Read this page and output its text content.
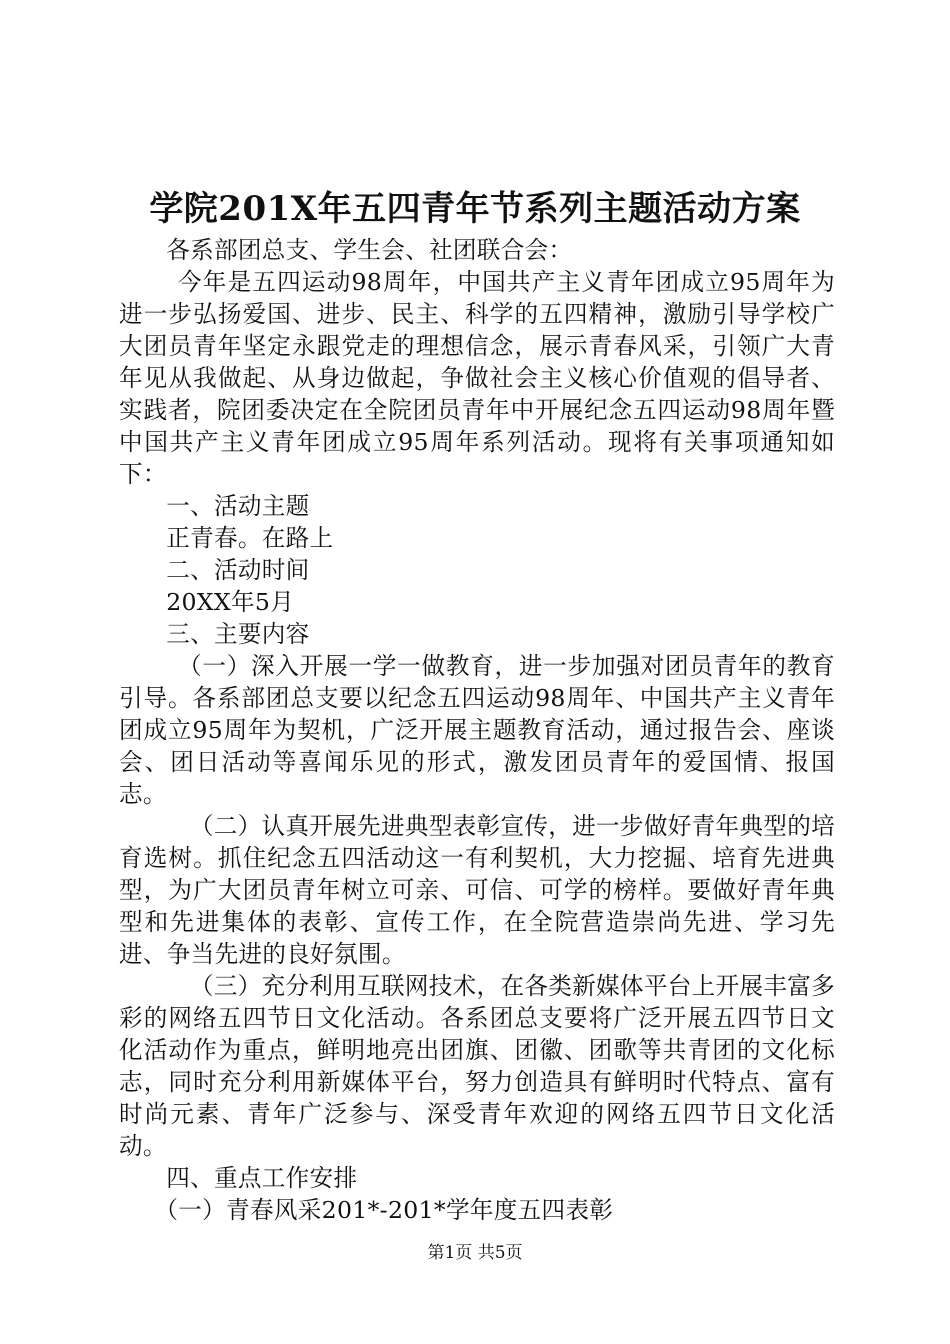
学院201X年五四青年节系列主题活动方案

各系部团总支、学生会、社团联合会：

今年是五四运动98周年，中国共产主义青年团成立95周年为进一步弘扬爱国、进步、民主、科学的五四精神，激励引导学校广大团员青年坚定永跟党走的理想信念，展示青春风采，引领广大青年见从我做起、从身边做起，争做社会主义核心价值观的倡导者、实践者，院团委决定在全院团员青年中开展纪念五四运动98周年暨中国共产主义青年团成立95周年系列活动。现将有关事项通知如下：

一、活动主题

正青春。在路上

二、活动时间

20XX年5月

三、主要内容

（一）深入开展一学一做教育，进一步加强对团员青年的教育引导。各系部团总支要以纪念五四运动98周年、中国共产主义青年团成立95周年为契机，广泛开展主题教育活动，通过报告会、座谈会、团日活动等喜闻乐见的形式，激发团员青年的爱国情、报国志。

（二）认真开展先进典型表彰宣传，进一步做好青年典型的培育选树。抓住纪念五四活动这一有利契机，大力挖掘、培育先进典型，为广大团员青年树立可亲、可信、可学的榜样。要做好青年典型和先进集体的表彰、宣传工作，在全院营造崇尚先进、学习先进、争当先进的良好氛围。

（三）充分利用互联网技术，在各类新媒体平台上开展丰富多彩的网络五四节日文化活动。各系团总支要将广泛开展五四节日文化活动作为重点，鲜明地亮出团旗、团徽、团歌等共青团的文化标志，同时充分利用新媒体平台，努力创造具有鲜明时代特点、富有时尚元素、青年广泛参与、深受青年欢迎的网络五四节日文化活动。

四、重点工作安排

（一）青春风采201*-201*学年度五四表彰

第1页 共5页
